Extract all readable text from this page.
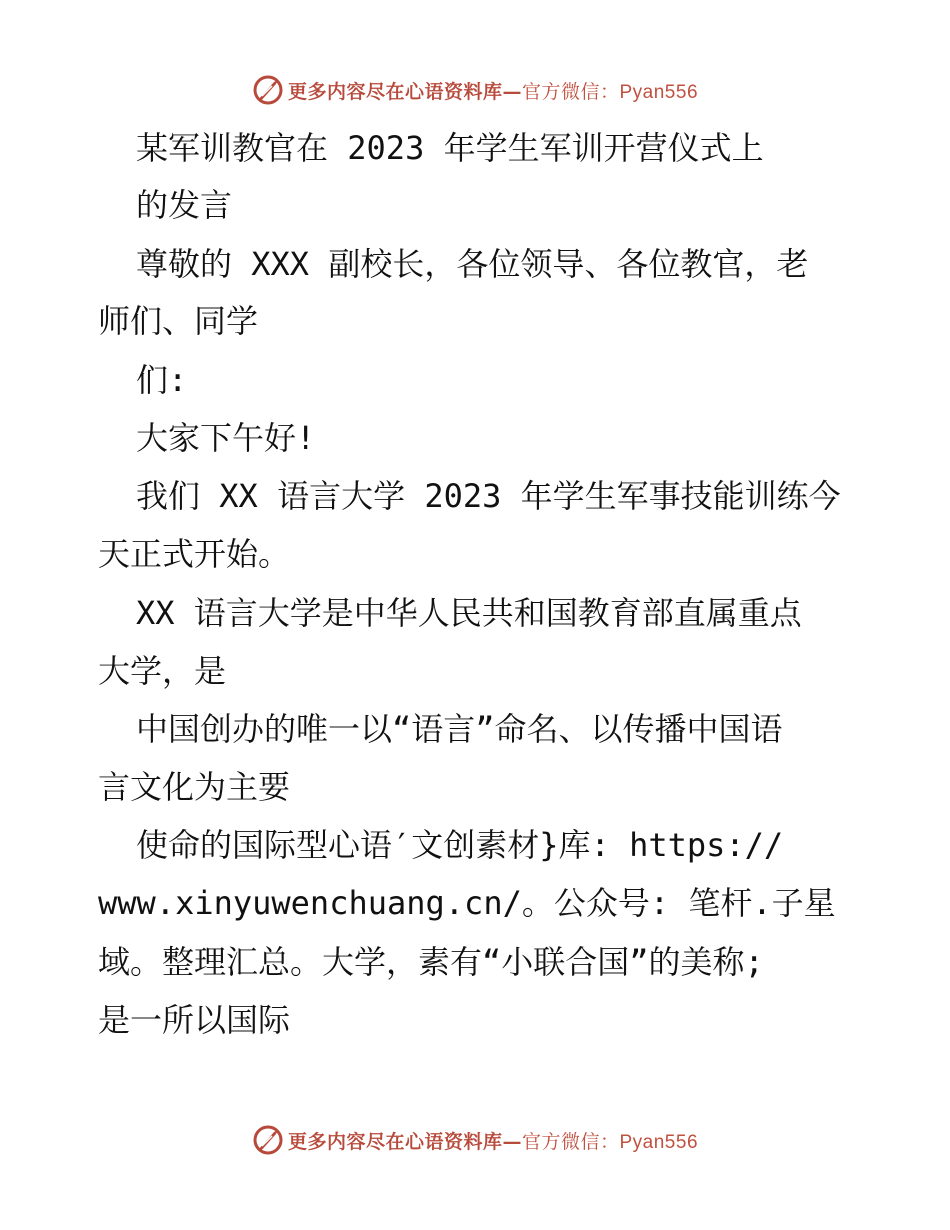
更多内容尽在心语资料库—官方微信：Pyan556
某军训教官在 2023 年学生军训开营仪式上
的发言
尊敬的 XXX 副校长，各位领导、各位教官，老
师们、同学
们:
大家下午好!
我们 XX 语言大学 2023 年学生军事技能训练今
天正式开始。
XX 语言大学是中华人民共和国教育部直属重点
大学，是
中国创办的唯一以“语言”命名、以传播中国语
言文化为主要
使命的国际型心语′文创素材}库: https://
www.xinyuwenchuang.cn/。公众号: 笔杆.子星
域。整理汇总。大学，素有“小联合国”的美称;
是一所以国际
更多内容尽在心语资料库—官方微信：Pyan556
